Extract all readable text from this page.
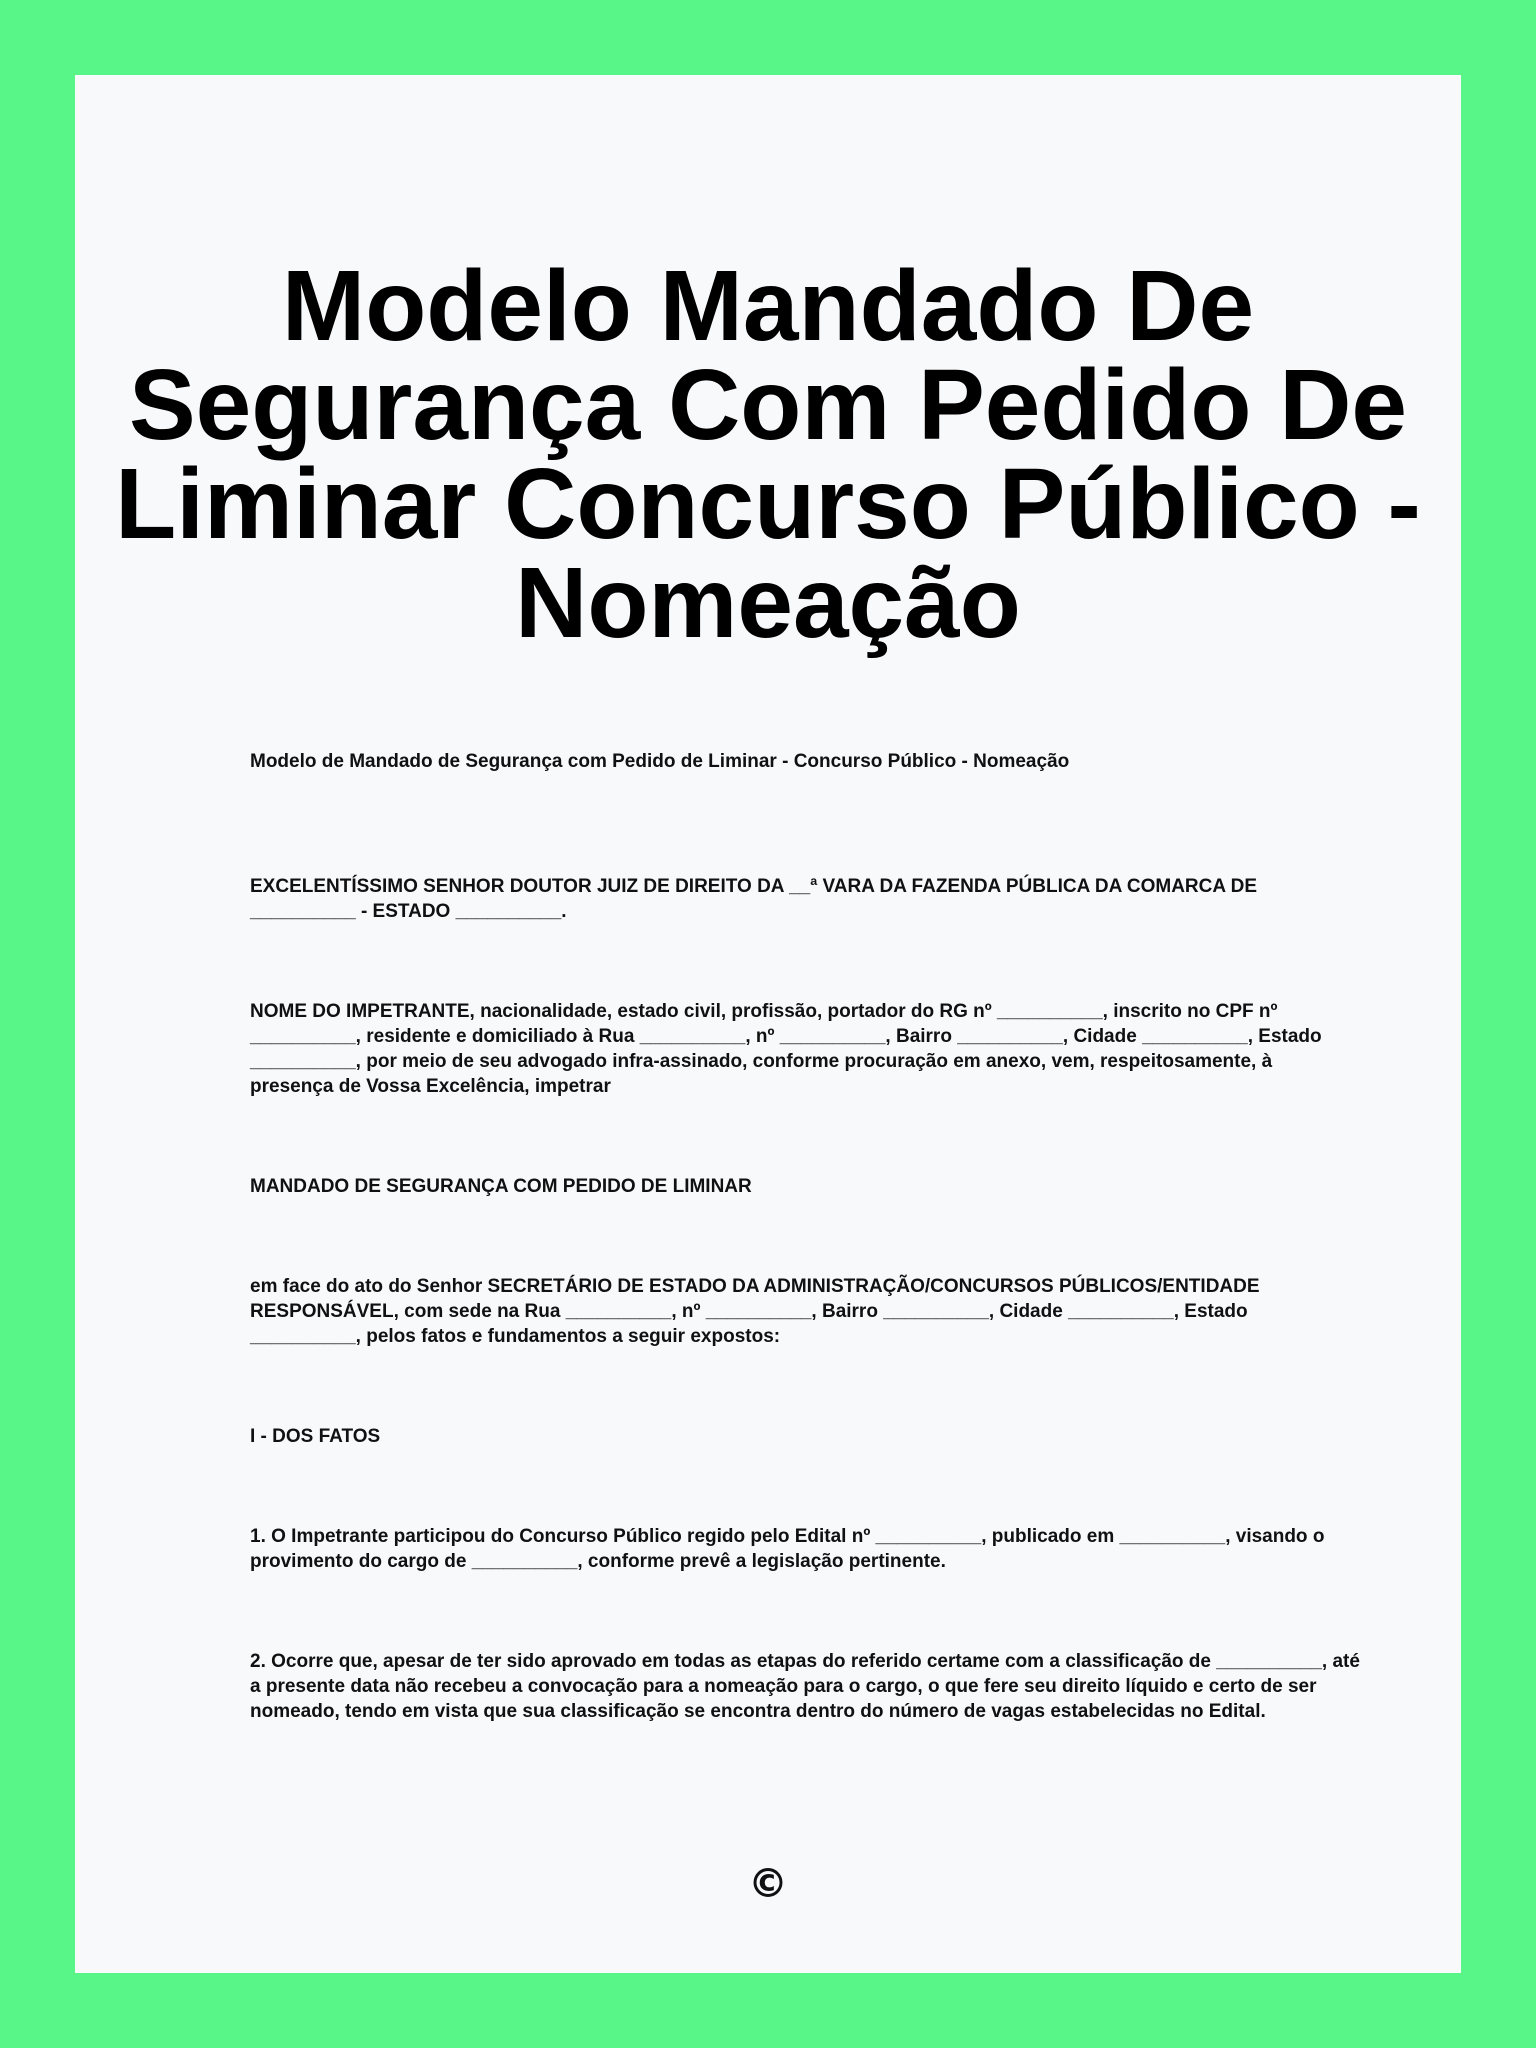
Modelo Mandado De Segurança Com Pedido De Liminar Concurso Público - Nomeação

Modelo de Mandado de Segurança com Pedido de Liminar - Concurso Público - Nomeação

EXCELENTÍSSIMO SENHOR DOUTOR JUIZ DE DIREITO DA __ª VARA DA FAZENDA PÚBLICA DA COMARCA DE __________ - ESTADO __________.

NOME DO IMPETRANTE, nacionalidade, estado civil, profissão, portador do RG nº __________, inscrito no CPF nº __________, residente e domiciliado à Rua __________, nº __________, Bairro __________, Cidade __________, Estado __________, por meio de seu advogado infra-assinado, conforme procuração em anexo, vem, respeitosamente, à presença de Vossa Excelência, impetrar

MANDADO DE SEGURANÇA COM PEDIDO DE LIMINAR

em face do ato do Senhor SECRETÁRIO DE ESTADO DA ADMINISTRAÇÃO/CONCURSOS PÚBLICOS/ENTIDADE RESPONSÁVEL, com sede na Rua __________, nº __________, Bairro __________, Cidade __________, Estado __________, pelos fatos e fundamentos a seguir expostos:

I - DOS FATOS

1. O Impetrante participou do Concurso Público regido pelo Edital nº __________, publicado em __________, visando o provimento do cargo de __________, conforme prevê a legislação pertinente.

2. Ocorre que, apesar de ter sido aprovado em todas as etapas do referido certame com a classificação de __________, até a presente data não recebeu a convocação para a nomeação para o cargo, o que fere seu direito líquido e certo de ser nomeado, tendo em vista que sua classificação se encontra dentro do número de vagas estabelecidas no Edital.

©
